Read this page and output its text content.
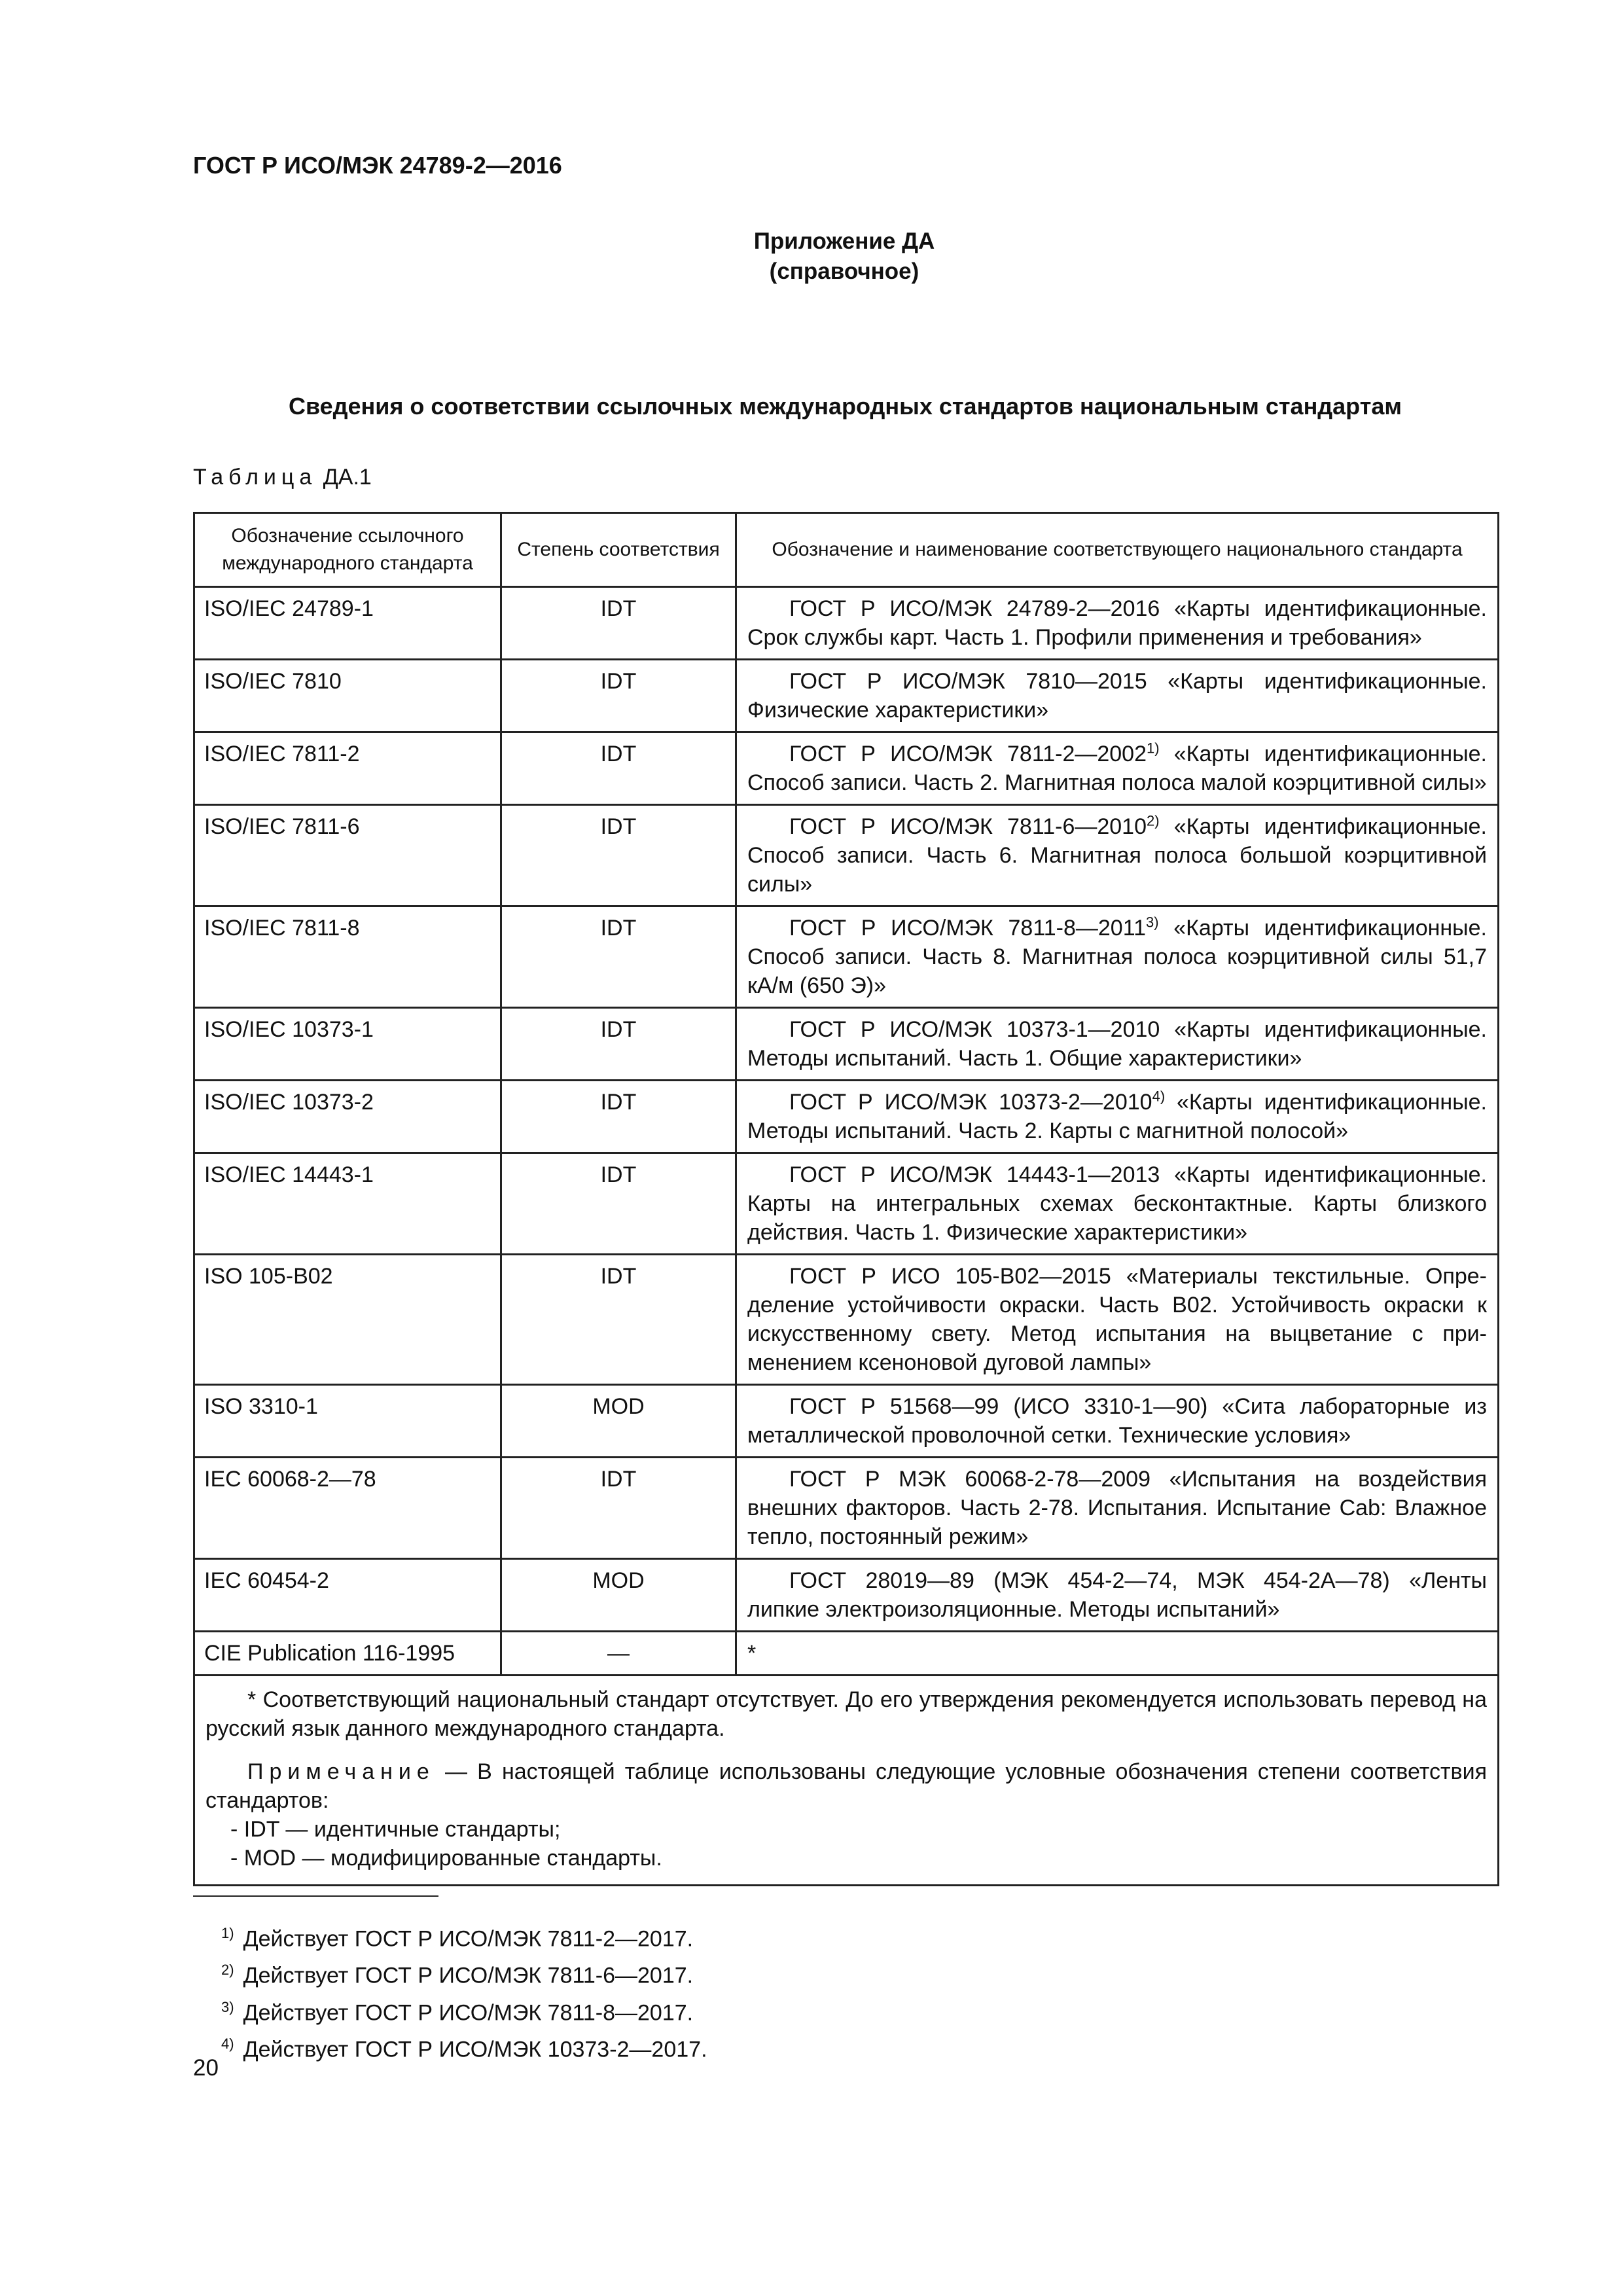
ГОСТ Р ИСО/МЭК 24789-2—2016
Приложение ДА
(справочное)
Сведения о соответствии ссылочных международных стандартов национальным стандартам
Таблица ДА.1
Обозначение ссылочного международного стандарта	Степень соответствия	Обозначение и наименование соответствующего национального стандарта
ISO/IEC 24789-1	IDT	ГОСТ Р ИСО/МЭК 24789-2—2016 «Карты идентификационные. Срок службы карт. Часть 1. Профили применения и требования»
ISO/IEC 7810	IDT	ГОСТ Р ИСО/МЭК 7810—2015 «Карты идентификационные. Физические характеристики»
ISO/IEC 7811-2	IDT	ГОСТ Р ИСО/МЭК 7811-2—2002$^{1)}$ «Карты идентификационные. Способ записи. Часть 2. Магнитная полоса малой коэрцитивной силы»
ISO/IEC 7811-6	IDT	ГОСТ Р ИСО/МЭК 7811-6—2010$^{2)}$ «Карты идентификационные. Способ записи. Часть 6. Магнитная полоса большой коэрцитивной силы»
ISO/IEC 7811-8	IDT	ГОСТ Р ИСО/МЭК 7811-8—2011$^{3)}$ «Карты идентификационные. Способ записи. Часть 8. Магнитная полоса коэрцитивной силы 51,7 кА/м (650 Э)»
ISO/IEC 10373-1	IDT	ГОСТ Р ИСО/МЭК 10373-1—2010 «Карты идентификационные. Методы испытаний. Часть 1. Общие характеристики»
ISO/IEC 10373-2	IDT	ГОСТ Р ИСО/МЭК 10373-2—2010$^{4)}$ «Карты идентификационные. Методы испытаний. Часть 2. Карты с магнитной полосой»
ISO/IEC 14443-1	IDT	ГОСТ Р ИСО/МЭК 14443-1—2013 «Карты идентификационные. Карты на интегральных схемах бесконтактные. Карты близкого действия. Часть 1. Физические характеристики»
ISO 105-B02	IDT	ГОСТ Р ИСО 105-B02—2015 «Материалы текстильные. Определение устойчивости окраски. Часть B02. Устойчивость окраски к искусственному свету. Метод испытания на выцветание с применением ксеноновой дуговой лампы»
ISO 3310-1	MOD	ГОСТ Р 51568—99 (ИСО 3310-1—90) «Сита лабораторные из металлической проволочной сетки. Технические условия»
IEC 60068-2—78	IDT	ГОСТ Р МЭК 60068-2-78—2009 «Испытания на воздействия внешних факторов. Часть 2-78. Испытания. Испытание Cab: Влажное тепло, постоянный режим»
IEC 60454-2	MOD	ГОСТ 28019—89 (МЭК 454-2—74, МЭК 454-2А—78) «Ленты липкие электроизоляционные. Методы испытаний»
CIE Publication 116-1995	—	*

* Соответствующий национальный стандарт отсутствует. До его утверждения рекомендуется использовать перевод на русский язык данного международного стандарта.

Примечание — В настоящей таблице использованы следующие условные обозначения степени соответствия стандартов:

- IDT — идентичные стандарты;
- MOD — модифицированные стандарты.		
$^{1)}$ Действует ГОСТ Р ИСО/МЭК 7811-2—2017.
$^{2)}$ Действует ГОСТ Р ИСО/МЭК 7811-6—2017.
$^{3)}$ Действует ГОСТ Р ИСО/МЭК 7811-8—2017.
$^{4)}$ Действует ГОСТ Р ИСО/МЭК 10373-2—2017.
20
